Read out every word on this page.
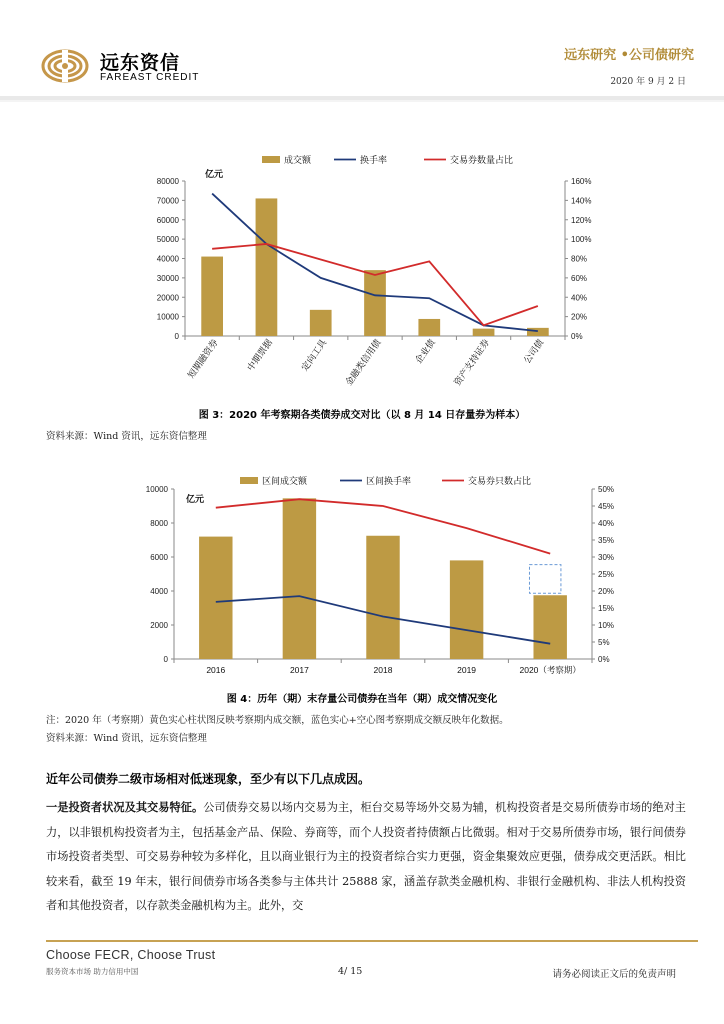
远东资信
FAREAST CREDIT
远东研究 •公司债研究
2020 年 9 月 2 日
0
10000
20000
30000
40000
50000
60000
70000
80000
0%
20%
40%
60%
80%
100%
120%
140%
160%
亿元
短期融资券	中期票据	定向工具 金融类信用债	企业债 资产支持证券	公司债
成交额	换手率	交易券数量占比
图 3：2020 年考察期各类债券成交对比（以 8 月 14 日存量券为样本）
资料来源：Wind 资讯，远东资信整理
0
2000
4000
6000
8000
10000
0%
5%
10%
15%
20%
25%
30%
35%
40%
45%
50%
亿元
2016	2017	2018	2019	2020（考察期）
区间成交额	区间换手率	交易券只数占比
图 4：历年（期）末存量公司债券在当年（期）成交情况变化
注：2020 年（考察期）黄色实心柱状图反映考察期内成交额，蓝色实心+空心图考察期成交额反映年化数据。
资料来源：Wind 资讯，远东资信整理
近年公司债券二级市场相对低迷现象，至少有以下几点成因。
一是投资者状况及其交易特征。公司债券交易以场内交易为主，柜台交易等场外交易为辅，机构投资者是交易所债券市场的绝对主力，以非银机构投资者为主，包括基金产品、保险、券商等，而个人投资者持债额占比微弱。相对于交易所债券市场，银行间债券市场投资者类型、可交易券种较为多样化，且以商业银行为主的投资者综合实力更强，资金集聚效应更强，债券成交更活跃。相比较来看，截至 19 年末，银行间债券市场各类参与主体共计 25888 家，涵盖存款类金融机构、非银行金融机构、非法人机构投资者和其他投资者，以存款类金融机构为主。此外，交
Choose FECR, Choose Trust
服务资本市场 助力信用中国	4/ 15	请务必阅读正文后的免责声明
